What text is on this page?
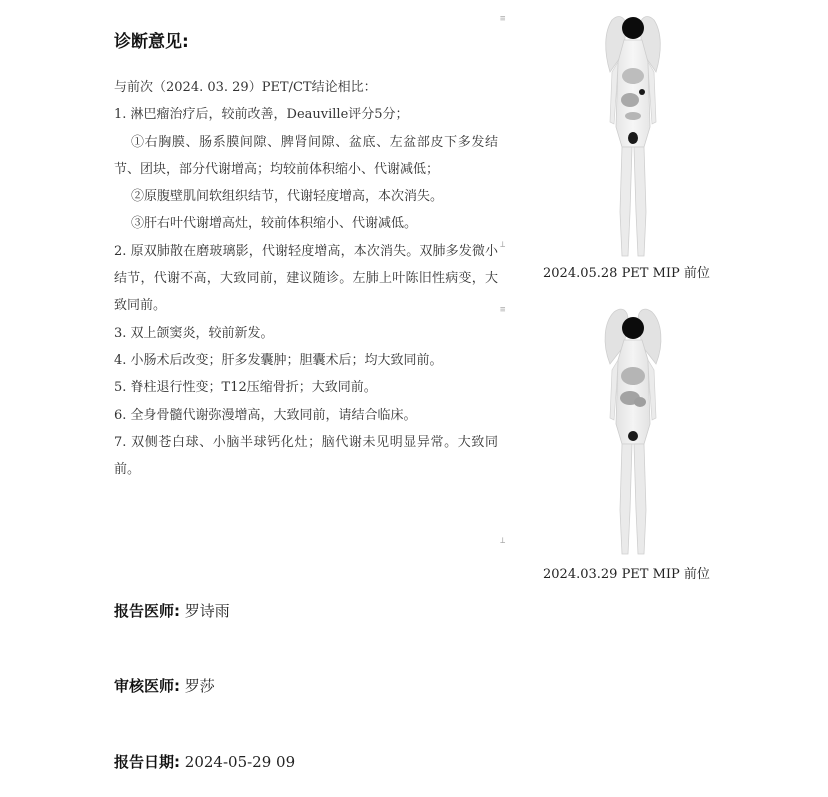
诊断意见:
与前次（2024. 03. 29）PET/CT结论相比：
1. 淋巴瘤治疗后，较前改善，Deauville评分5分；
①右胸膜、肠系膜间隙、脾肾间隙、盆底、左盆部皮下多发结节、团块，部分代谢增高；均较前体积缩小、代谢减低；
②原腹壁肌间软组织结节，代谢轻度增高，本次消失。
③肝右叶代谢增高灶，较前体积缩小、代谢减低。
2. 原双肺散在磨玻璃影，代谢轻度增高，本次消失。双肺多发微小结节，代谢不高，大致同前，建议随诊。左肺上叶陈旧性病变，大致同前。
3. 双上颌窦炎，较前新发。
4. 小肠术后改变；肝多发囊肿；胆囊术后；均大致同前。
5. 脊柱退行性变；T12压缩骨折；大致同前。
6. 全身骨髓代谢弥漫增高，大致同前，请结合临床。
7. 双侧苍白球、小脑半球钙化灶；脑代谢未见明显异常。大致同前。
报告医师: 罗诗雨
审核医师: 罗莎
报告日期: 2024-05-29 09
≡
⊥
2024.05.28 PET MIP 前位
≡
⊥
2024.03.29 PET MIP 前位
